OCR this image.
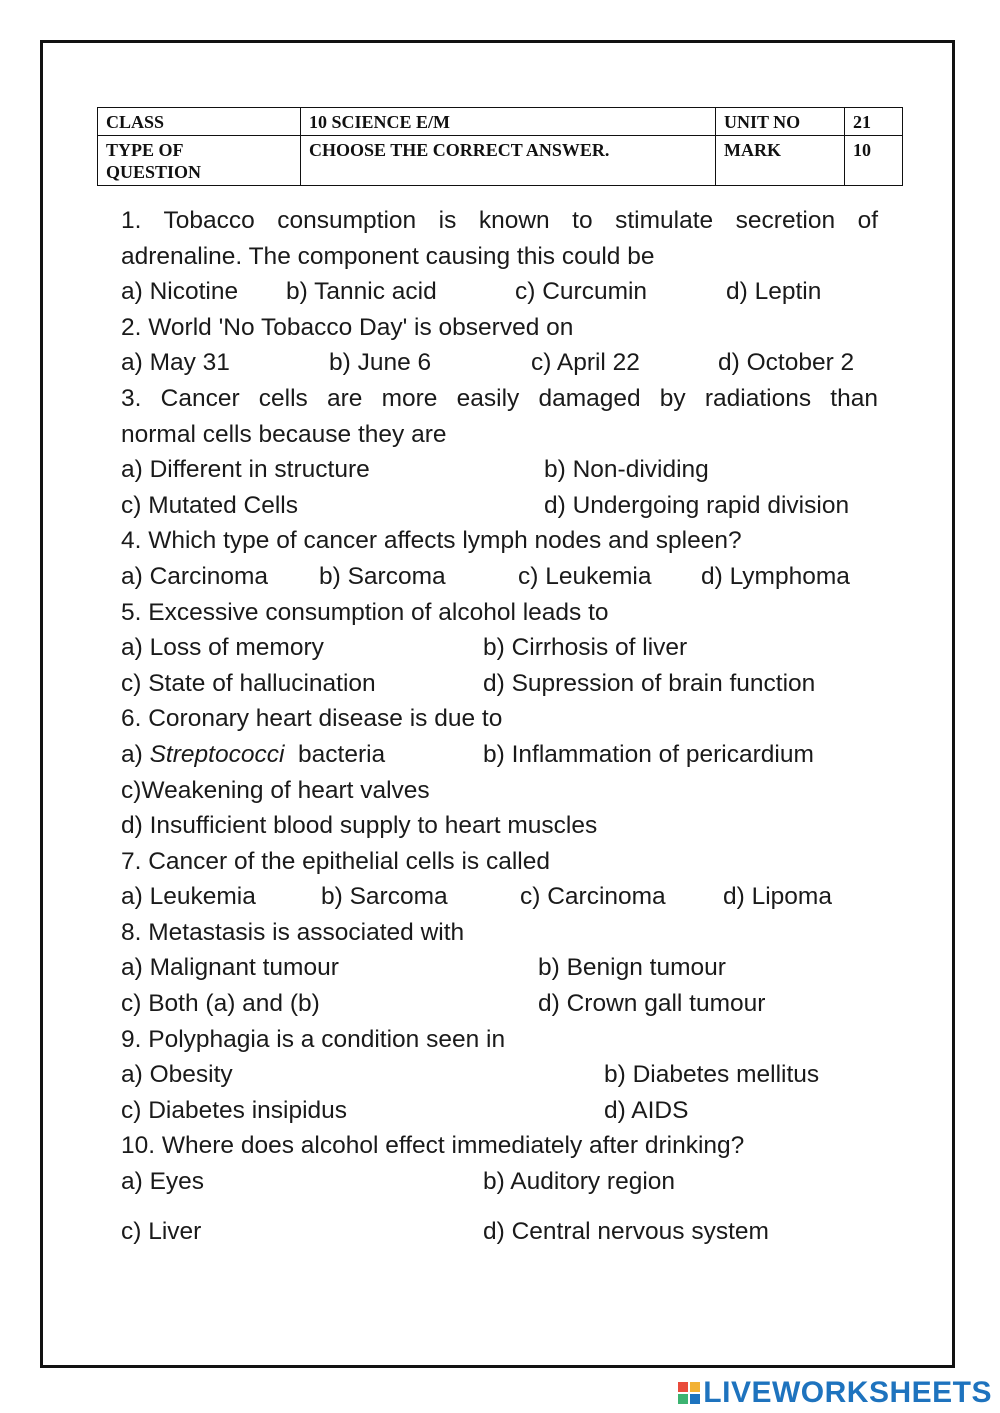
CLASS	10 SCIENCE E/M	UNIT NO	21
TYPE OF
QUESTION	CHOOSE THE CORRECT ANSWER.	MARK	10
1. Tobacco consumption is known to stimulate secretion of
adrenaline. The component causing this could be
a) Nicotine b) Tannic acid	c) Curcumin	d) Leptin
2. World 'No Tobacco Day' is observed on
a) May 31	b) June 6	c) April 22	d) October 2
3. Cancer cells are more easily damaged by radiations than
normal cells because they are
a) Different in structure	b) Non-dividing
c) Mutated Cells	d) Undergoing rapid division
4. Which type of cancer affects lymph nodes and spleen?
a) Carcinoma b) Sarcoma	c) Leukemia d) Lymphoma
5. Excessive consumption of alcohol leads to
a) Loss of memory	b) Cirrhosis of liver
c) State of hallucination	d) Supression of brain function
6. Coronary heart disease is due to
a) Streptococci  bacteria	b) Inflammation of pericardium
c)Weakening of heart valves
d) Insufficient blood supply to heart muscles
7. Cancer of the epithelial cells is called
a) Leukemia	b) Sarcoma	c) Carcinoma d) Lipoma
8. Metastasis is associated with
a) Malignant tumour	b) Benign tumour
c) Both (a) and (b)	d) Crown gall tumour
9. Polyphagia is a condition seen in
a) Obesity	b) Diabetes mellitus
c) Diabetes insipidus	d) AIDS
10. Where does alcohol effect immediately after drinking?
a) Eyes	b) Auditory region
c) Liver	d) Central nervous system
LIVEWORKSHEETS
